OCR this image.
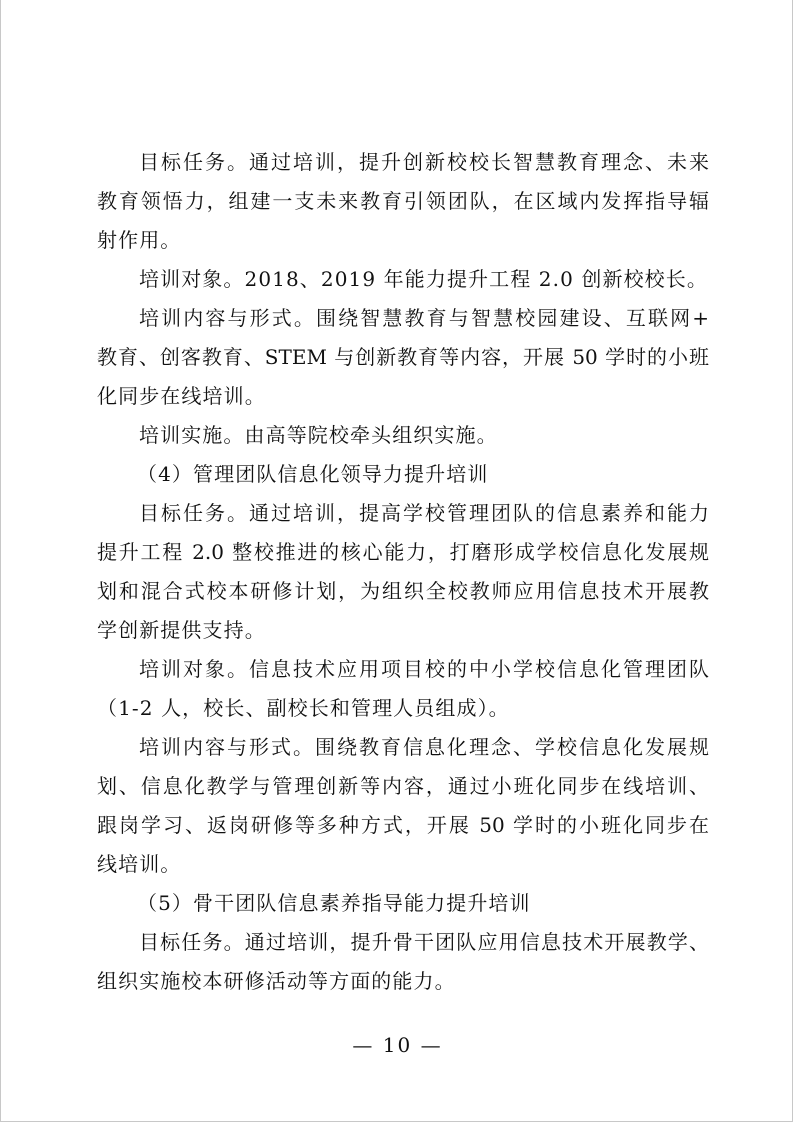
目标任务。通过培训，提升创新校校长智慧教育理念、未来
教育领悟力，组建一支未来教育引领团队，在区域内发挥指导辐
射作用。
培训对象。2018、2019 年能力提升工程 2.0 创新校校长。
培训内容与形式。围绕智慧教育与智慧校园建设、互联网+
教育、创客教育、STEM 与创新教育等内容，开展 50 学时的小班
化同步在线培训。
培训实施。由高等院校牵头组织实施。
（4）管理团队信息化领导力提升培训
目标任务。通过培训，提高学校管理团队的信息素养和能力
提升工程 2.0 整校推进的核心能力，打磨形成学校信息化发展规
划和混合式校本研修计划，为组织全校教师应用信息技术开展教
学创新提供支持。
培训对象。信息技术应用项目校的中小学校信息化管理团队
（1-2 人，校长、副校长和管理人员组成）。
培训内容与形式。围绕教育信息化理念、学校信息化发展规
划、信息化教学与管理创新等内容，通过小班化同步在线培训、
跟岗学习、返岗研修等多种方式，开展 50 学时的小班化同步在
线培训。
（5）骨干团队信息素养指导能力提升培训
目标任务。通过培训，提升骨干团队应用信息技术开展教学、
组织实施校本研修活动等方面的能力。
— 10 —
